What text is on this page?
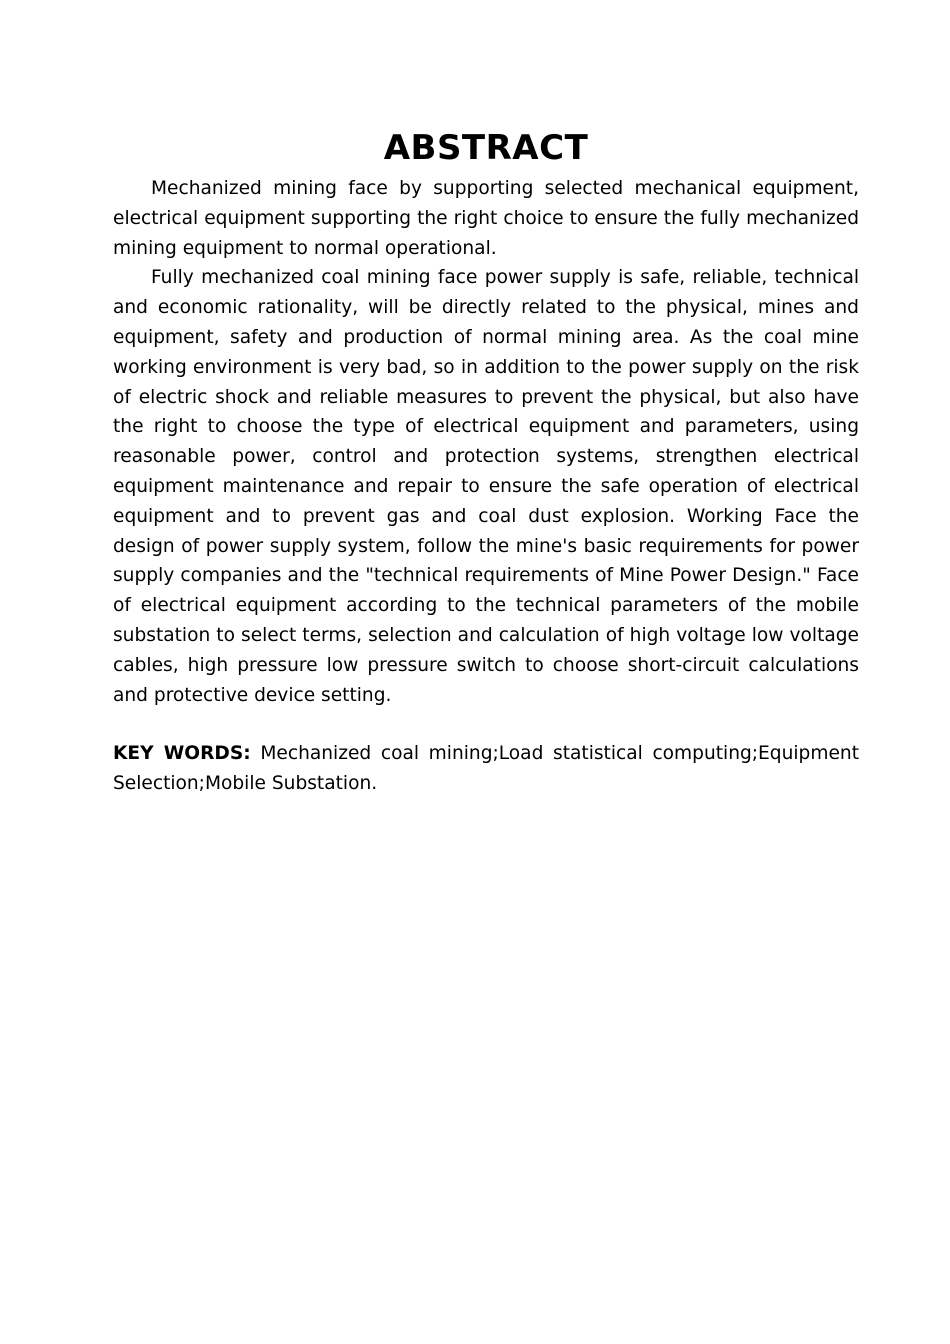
ABSTRACT

Mechanized mining face by supporting selected mechanical equipment, electrical equipment supporting the right choice to ensure the fully mechanized mining equipment to normal operational.

Fully mechanized coal mining face power supply is safe, reliable, technical and economic rationality, will be directly related to the physical, mines and equipment, safety and production of normal mining area. As the coal mine working environment is very bad, so in addition to the power supply on the risk of electric shock and reliable measures to prevent the physical, but also have the right to choose the type of electrical equipment and parameters, using reasonable power, control and protection systems, strengthen electrical equipment maintenance and repair to ensure the safe operation of electrical equipment and to prevent gas and coal dust explosion. Working Face the design of power supply system, follow the mine's basic requirements for power supply companies and the "technical requirements of Mine Power Design." Face of electrical equipment according to the technical parameters of the mobile substation to select terms, selection and calculation of high voltage low voltage cables, high pressure low pressure switch to choose short-circuit calculations and protective device setting.

KEY WORDS: Mechanized coal mining;Load statistical computing;Equipment Selection;Mobile Substation.
